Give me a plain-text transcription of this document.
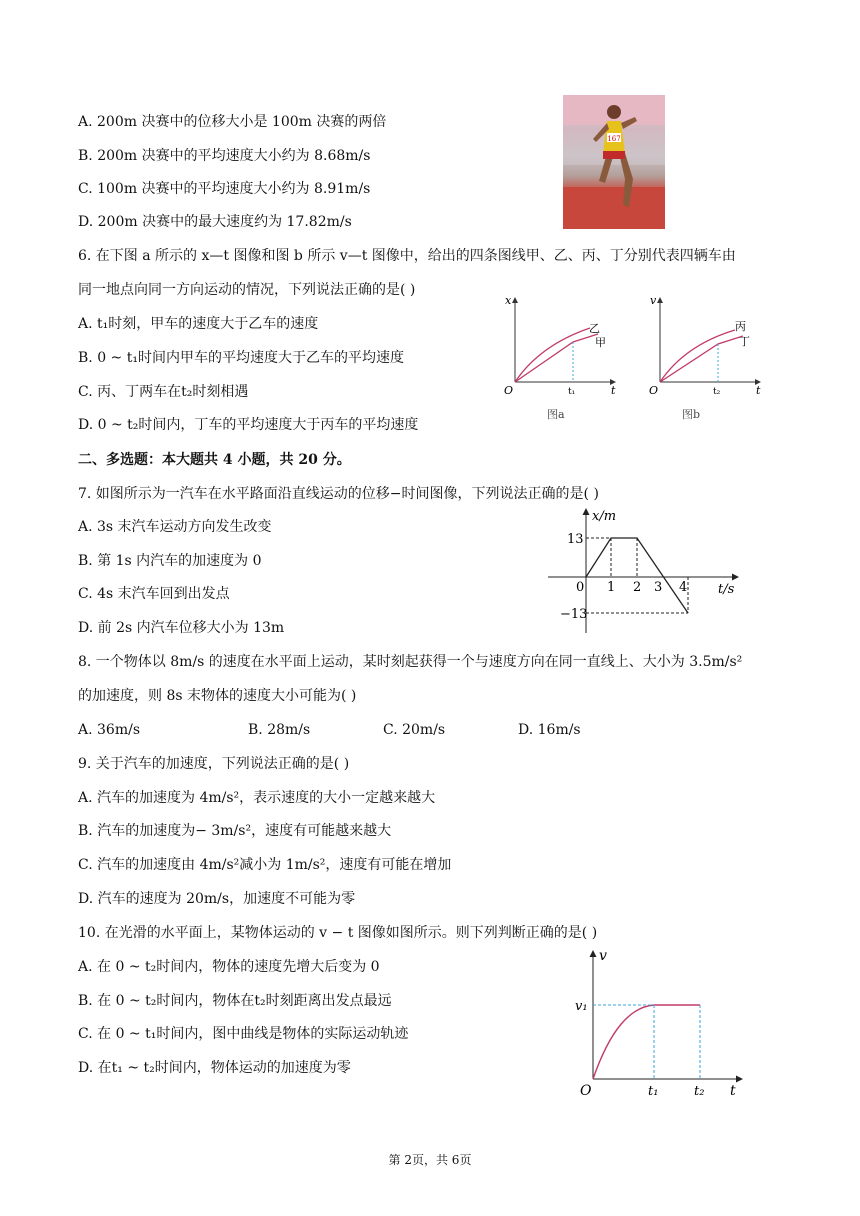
A. 200m 决赛中的位移大小是 100m 决赛的两倍
B. 200m 决赛中的平均速度大小约为 8.68m/s
C. 100m 决赛中的平均速度大小约为 8.91m/s
D. 200m 决赛中的最大速度约为 17.82m/s
167
6. 在下图 a 所示的 x—t 图像和图 b 所示 v—t 图像中，给出的四条图线甲、乙、丙、丁分别代表四辆车由
同一地点向同一方向运动的情况，下列说法正确的是( )
A. t₁时刻，甲车的速度大于乙车的速度
B. 0 ~ t₁时间内甲车的平均速度大于乙车的平均速度
C. 丙、丁两车在t₂时刻相遇
D. 0 ~ t₂时间内，丁车的平均速度大于丙车的平均速度
x
t
O	t₁
乙
甲
图a
v
t
O	t₂
丙
丁
图b
二、多选题：本大题共 4 小题，共 20 分。
7. 如图所示为一汽车在水平路面沿直线运动的位移−时间图像，下列说法正确的是( )
A. 3s 末汽车运动方向发生改变
B. 第 1s 内汽车的加速度为 0
C. 4s 末汽车回到出发点
D. 前 2s 内汽车位移大小为 13m
x/m
t/s
13
−13
0 1 2 3 4
8. 一个物体以 8m/s 的速度在水平面上运动，某时刻起获得一个与速度方向在同一直线上、大小为 3.5m/s²
的加速度，则 8s 末物体的速度大小可能为( )
A. 36m/s	B. 28m/s	C. 20m/s	D. 16m/s
9. 关于汽车的加速度，下列说法正确的是( )
A. 汽车的加速度为 4m/s²，表示速度的大小一定越来越大
B. 汽车的加速度为− 3m/s²，速度有可能越来越大
C. 汽车的加速度由 4m/s²减小为 1m/s²，速度有可能在增加
D. 汽车的速度为 20m/s，加速度不可能为零
10. 在光滑的水平面上，某物体运动的 v − t 图像如图所示。则下列判断正确的是( )
A. 在 0 ~ t₂时间内，物体的速度先增大后变为 0
B. 在 0 ~ t₂时间内，物体在t₂时刻距离出发点最远
C. 在 0 ~ t₁时间内，图中曲线是物体的实际运动轨迹
D. 在t₁ ~ t₂时间内，物体运动的加速度为零
v
t
O
v₁
t₁	t₂
第 2页，共 6页
